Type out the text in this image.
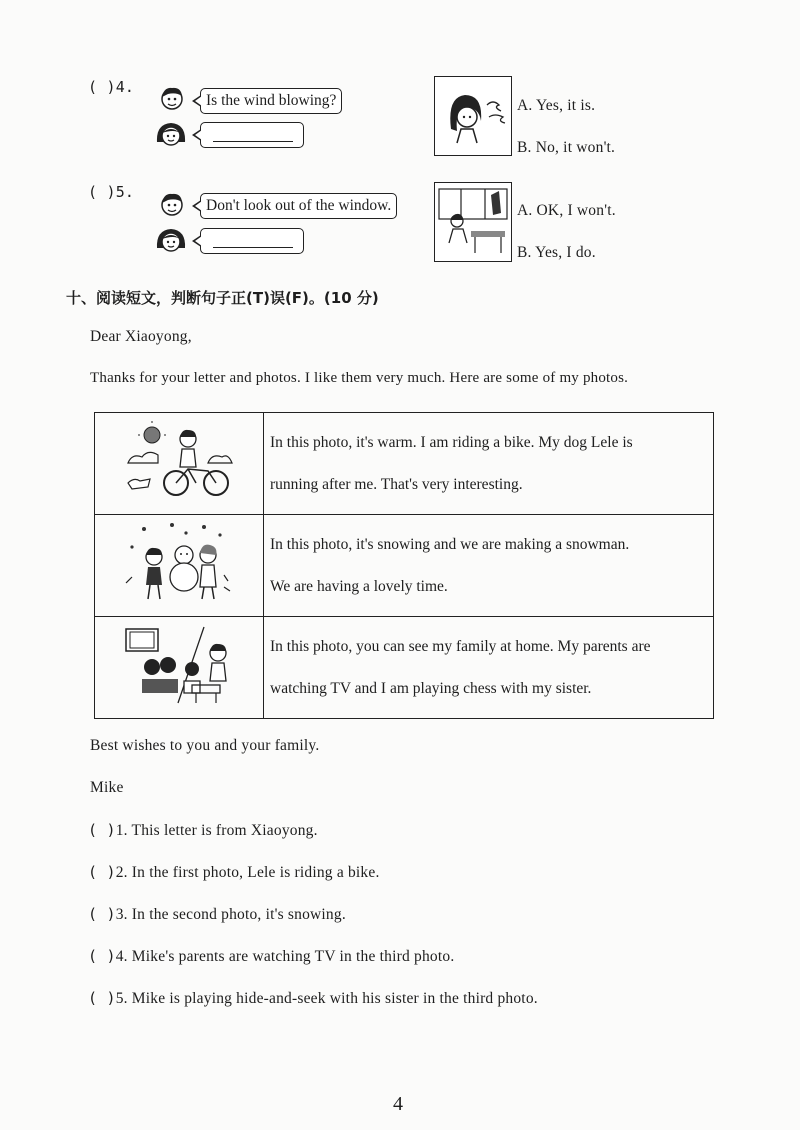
( )4.
Is the wind blowing?	A. Yes, it is.
B. No, it won't.
( )5.
Don't look out of the window.	A. OK, I won't.
B. Yes, I do.
十、阅读短文，判断句子正(T)误(F)。(10 分)
Dear Xiaoyong,
Thanks for your letter and photos. I like them very much. Here are some of my photos.

In this photo, it's warm. I am riding a bike. My dog Lele is
running after me. That's very interesting.

In this photo, it's snowing and we are making a snowman.
We are having a lovely time.

In this photo, you can see my family at home. My parents are
watching TV and I am playing chess with my sister.
Best wishes to you and your family.
Mike
( )1. This letter is from Xiaoyong.
( )2. In the first photo, Lele is riding a bike.
( )3. In the second photo, it's snowing.
( )4. Mike's parents are watching TV in the third photo.
( )5. Mike is playing hide-and-seek with his sister in the third photo.
4
